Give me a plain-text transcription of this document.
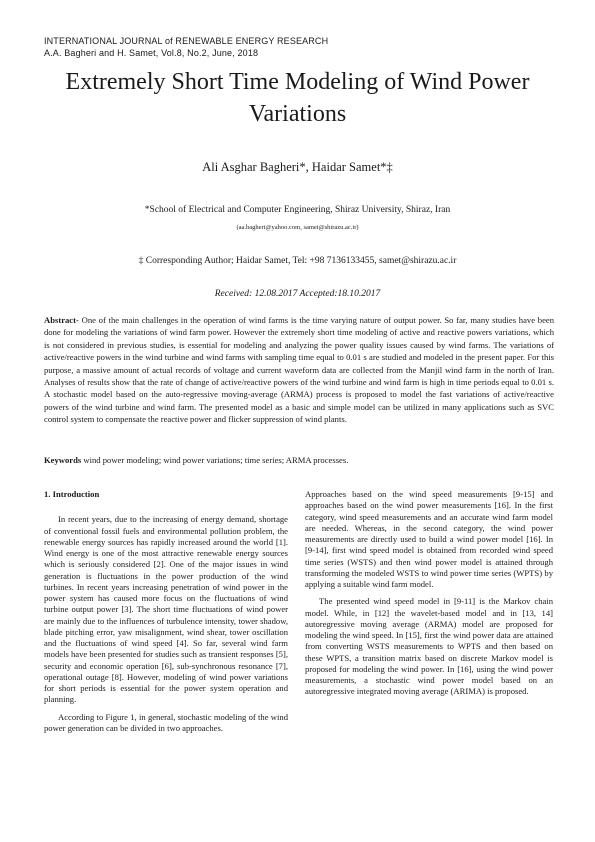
INTERNATIONAL JOURNAL of RENEWABLE ENERGY RESEARCH
A.A. Bagheri and H. Samet, Vol.8, No.2, June, 2018
Extremely Short Time Modeling of Wind Power Variations
Ali Asghar Bagheri*, Haidar Samet*‡
*School of Electrical and Computer Engineering, Shiraz University, Shiraz, Iran
(aa.bagheri@yahoo.com, samet@shirazu.ac.ir)
‡ Corresponding Author; Haidar Samet, Tel: +98 7136133455, samet@shirazu.ac.ir
Received: 12.08.2017 Accepted:18.10.2017
Abstract- One of the main challenges in the operation of wind farms is the time varying nature of output power. So far, many studies have been done for modeling the variations of wind farm power. However the extremely short time modeling of active and reactive powers variations, which is not considered in previous studies, is essential for modeling and analyzing the power quality issues caused by wind farms. The variations of active/reactive powers in the wind turbine and wind farms with sampling time equal to 0.01 s are studied and modeled in the present paper. For this purpose, a massive amount of actual records of voltage and current waveform data are collected from the Manjil wind farm in the north of Iran. Analyses of results show that the rate of change of active/reactive powers of the wind turbine and wind farm is high in time periods equal to 0.01 s. A stochastic model based on the auto-regressive moving-average (ARMA) process is proposed to model the fast variations of active/reactive powers of the wind turbine and wind farm. The presented model as a basic and simple model can be utilized in many applications such as SVC control system to compensate the reactive power and flicker suppression of wind plants.
Keywords wind power modeling; wind power variations; time series; ARMA processes.
1. Introduction

In recent years, due to the increasing of energy demand, shortage of conventional fossil fuels and environmental pollution problem, the renewable energy sources has rapidly increased around the world [1]. Wind energy is one of the most attractive renewable energy sources which is seriously considered [2]. One of the major issues in wind generation is fluctuations in the power production of the wind turbines. In recent years increasing penetration of wind power in the power system has caused more focus on the fluctuations of wind turbine output power [3]. The short time fluctuations of wind power are mainly due to the influences of turbulence intensity, tower shadow, blade pitching error, yaw misalignment, wind shear, tower oscillation and the fluctuations of wind speed [4]. So far, several wind farm models have been presented for studies such as transient responses [5], security and economic operation [6], sub-synchronous resonance [7], operational outage [8]. However, modeling of wind power variations for short periods is essential for the power system operation and planning.

According to Figure 1, in general, stochastic modeling of the wind power generation can be divided in two approaches.

Approaches based on the wind speed measurements [9-15] and approaches based on the wind power measurements [16]. In the first category, wind speed measurements and an accurate wind farm model are needed. Whereas, in the second category, the wind power measurements are directly used to build a wind power model [16]. In [9-14], first wind speed model is obtained from recorded wind speed time series (WSTS) and then wind power model is attained through transforming the modeled WSTS to wind power time series (WPTS) by applying a suitable wind farm model.

The presented wind speed model in [9-11] is the Markov chain model. While, in [12] the wavelet-based model and in [13, 14] autoregressive moving average (ARMA) model are proposed for modeling the wind speed. In [15], first the wind power data are attained from converting WSTS measurements to WPTS and then based on these WPTS, a transition matrix based on discrete Markov model is proposed for modeling the wind power. In [16], using the wind power measurements, a stochastic wind power model based on an autoregressive integrated moving average (ARIMA) is proposed.
